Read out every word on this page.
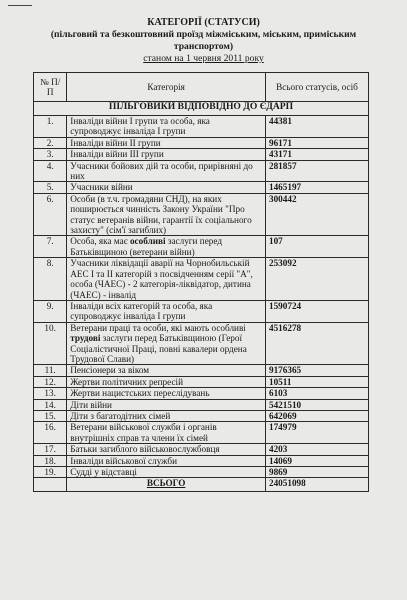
КАТЕГОРІЇ (СТАТУСИ)
(пільговий та безкоштовний проїзд міжміським, міським, приміським транспортом)
станом на 1 червня 2011 року
№ П/П	Категорія	Всього статусів, осіб
ПІЛЬГОВИКИ ВІДПОВІДНО ДО ЄДАРП		
1.	Інваліди війни І групи та особа, яка супроводжує інваліда І групи	44381
2.	Інваліди війни ІІ групи	96171
3.	Інваліди війни ІІІ групи	43171
4.	Учасники бойових дій та особи, прирівняні до них	281857
5.	Учасники війни	1465197
6.	Особи (в т.ч. громадяни СНД), на яких поширюється чинність Закону України "Про статус ветеранів війни, гарантії їх соціального захисту" (сім'ї загиблих)	300442
7.	Особа, яка має особливі заслуги перед Батьківщиною (ветерани війни)	107
8.	Учасники ліквідації аварії на Чорнобильській АЕС І та ІІ категорій з посвідченням серії "А", особа (ЧАЕС) - 2 категорія-ліквідатор, дитина (ЧАЕС) - інвалід	253092
9.	Інваліди всіх категорій та особа, яка супроводжує інваліда І групи	1590724
10.	Ветерани праці та особи, які мають особливі трудові заслуги перед Батьківщиною (Герої Соціалістичної Праці, повні кавалери ордена Трудової Слави)	4516278
11.	Пенсіонери за віком	9176365
12.	Жертви політичних репресій	10511
13.	Жертви нацистських переслідувань	6103
14.	Діти війни	5421510
15.	Діти з багатодітних сімей	642069
16.	Ветерани військової служби і органів внутрішніх справ та члени їх сімей	174979
17.	Батьки загиблого військовослужбовця	4203
18.	Інваліди військової служби	14069
19.	Судді у відставці	9869
	ВСЬОГО	24051098
